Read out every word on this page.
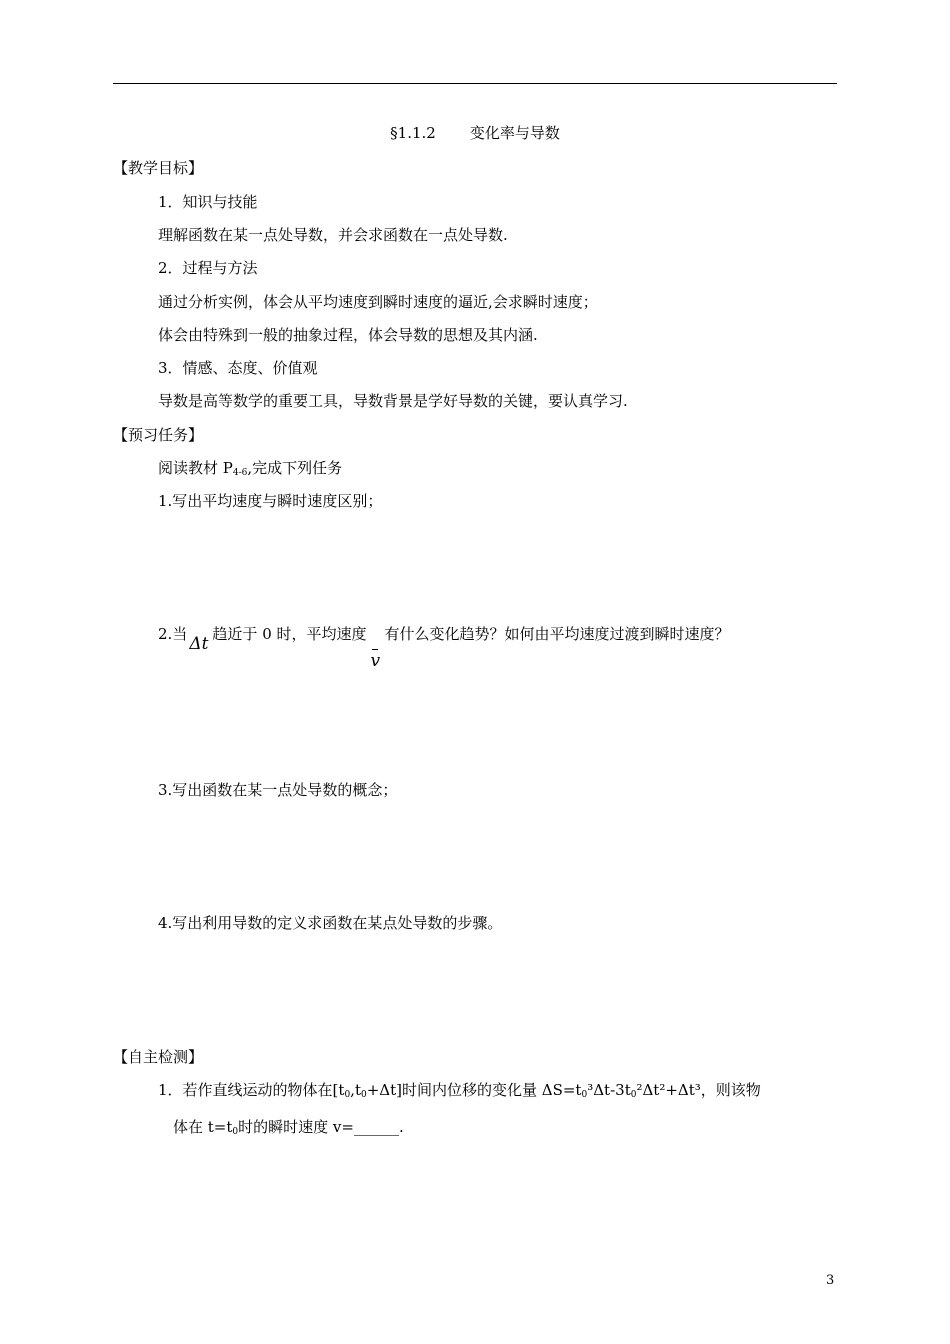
§1.1.2 变化率与导数
【教学目标】
1．知识与技能
理解函数在某一点处导数，并会求函数在一点处导数.
2．过程与方法
通过分析实例，体会从平均速度到瞬时速度的逼近,会求瞬时速度；
体会由特殊到一般的抽象过程，体会导数的思想及其内涵.
3．情感、态度、价值观
导数是高等数学的重要工具，导数背景是学好导数的关键，要认真学习.
【预习任务】
阅读教材 $P_{4-6}$,完成下列任务
1.写出平均速度与瞬时速度区别；
2.当 Δt 趋近于 0 时，平均速度
v
有什么变化趋势？如何由平均速度过渡到瞬时速度？
3.写出函数在某一点处导数的概念；
4.写出利用导数的定义求函数在某点处导数的步骤。
【自主检测】
1．若作直线运动的物体在$[t_0,t_0+\Delta t]$时间内位移的变化量 $\Delta S=t_0^3\Delta t-3t_0^2\Delta t^2+\Delta t^3$，则该物
体在 $t=t_0$时的瞬时速度 v=______.
3
